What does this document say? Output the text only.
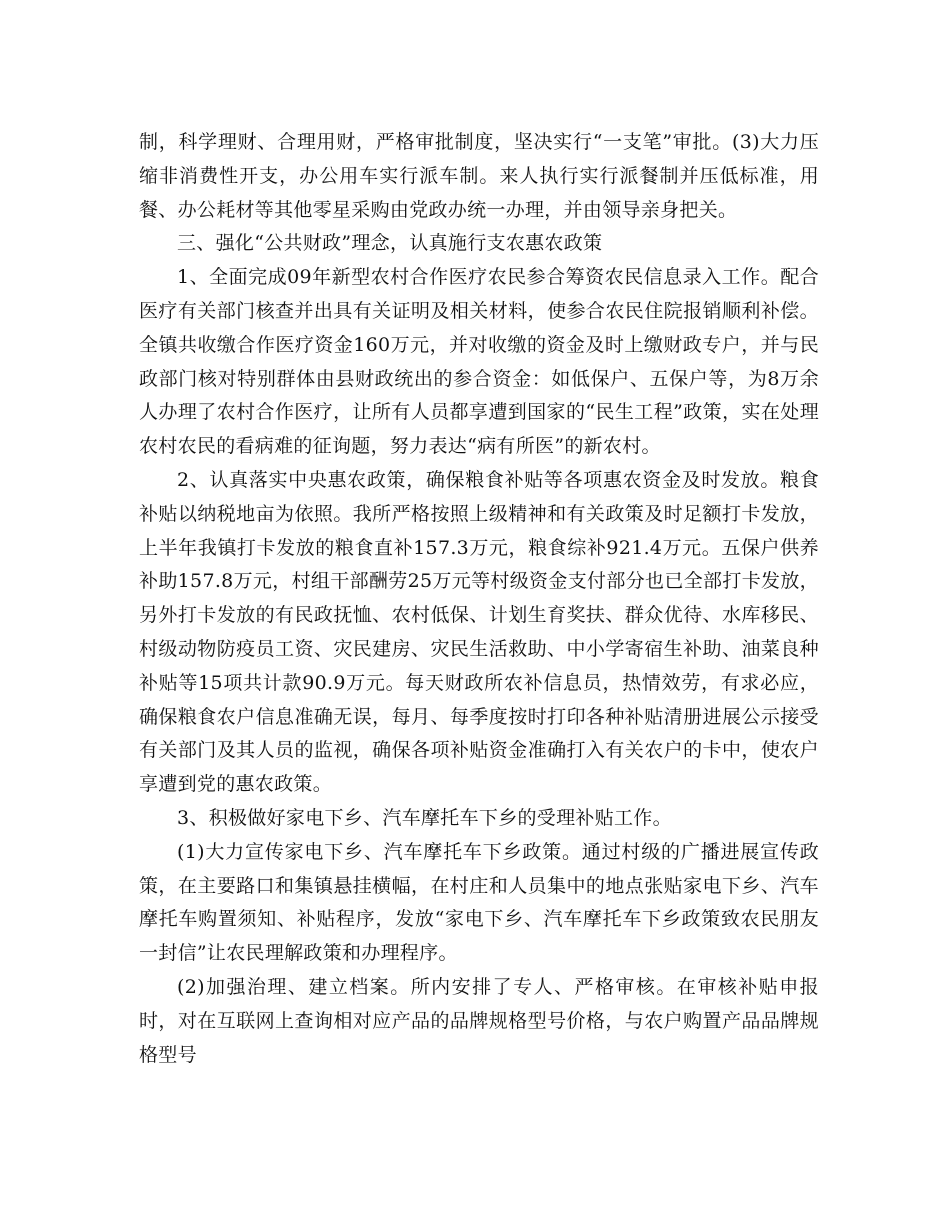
制，科学理财、合理用财，严格审批制度，坚决实行“一支笔”审批。(3)大力压缩非消费性开支，办公用车实行派车制。来人执行实行派餐制并压低标准，用餐、办公耗材等其他零星采购由党政办统一办理，并由领导亲身把关。

三、强化“公共财政”理念，认真施行支农惠农政策

1、全面完成09年新型农村合作医疗农民参合筹资农民信息录入工作。配合医疗有关部门核查并出具有关证明及相关材料，使参合农民住院报销顺利补偿。全镇共收缴合作医疗资金160万元，并对收缴的资金及时上缴财政专户，并与民政部门核对特别群体由县财政统出的参合资金：如低保户、五保户等，为8万余人办理了农村合作医疗，让所有人员都享遭到国家的“民生工程”政策，实在处理农村农民的看病难的征询题，努力表达“病有所医”的新农村。

2、认真落实中央惠农政策，确保粮食补贴等各项惠农资金及时发放。粮食补贴以纳税地亩为依照。我所严格按照上级精神和有关政策及时足额打卡发放，上半年我镇打卡发放的粮食直补157.3万元，粮食综补921.4万元。五保户供养补助157.8万元，村组干部酬劳25万元等村级资金支付部分也已全部打卡发放，另外打卡发放的有民政抚恤、农村低保、计划生育奖扶、群众优待、水库移民、村级动物防疫员工资、灾民建房、灾民生活救助、中小学寄宿生补助、油菜良种补贴等15项共计款90.9万元。每天财政所农补信息员，热情效劳，有求必应，确保粮食农户信息准确无误，每月、每季度按时打印各种补贴清册进展公示接受有关部门及其人员的监视，确保各项补贴资金准确打入有关农户的卡中，使农户享遭到党的惠农政策。

3、积极做好家电下乡、汽车摩托车下乡的受理补贴工作。

(1)大力宣传家电下乡、汽车摩托车下乡政策。通过村级的广播进展宣传政策，在主要路口和集镇悬挂横幅，在村庄和人员集中的地点张贴家电下乡、汽车摩托车购置须知、补贴程序，发放“家电下乡、汽车摩托车下乡政策致农民朋友一封信”让农民理解政策和办理程序。

(2)加强治理、建立档案。所内安排了专人、严格审核。在审核补贴申报时，对在互联网上查询相对应产品的品牌规格型号价格，与农户购置产品品牌规格型号
